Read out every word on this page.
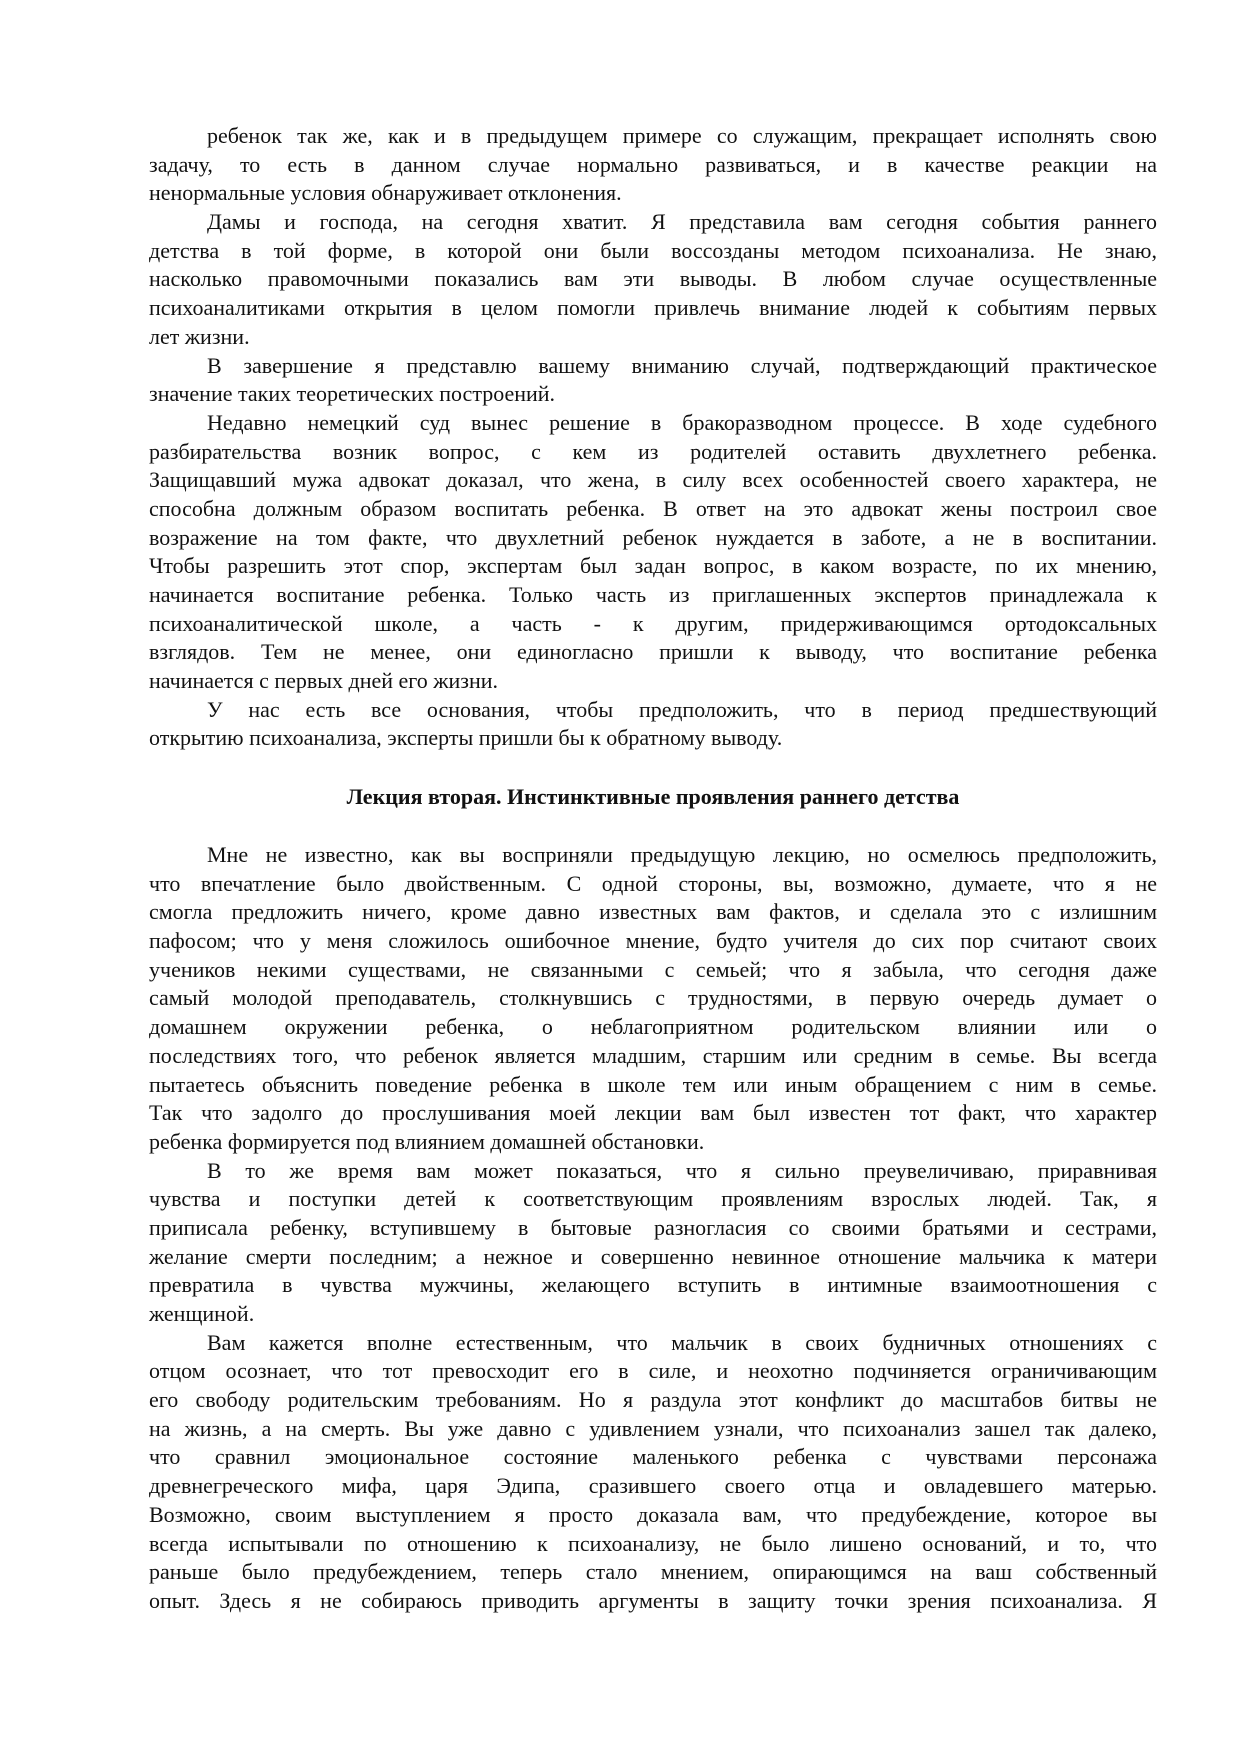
ребенок так же, как и в предыдущем примере со служащим, прекращает исполнять свою
задачу, то есть в данном случае нормально развиваться, и в качестве реакции на
ненормальные условия обнаруживает отклонения.
Дамы и господа, на сегодня хватит. Я представила вам сегодня события раннего
детства в той форме, в которой они были воссозданы методом психоанализа. Не знаю,
насколько правомочными показались вам эти выводы. В любом случае осуществленные
психоаналитиками открытия в целом помогли привлечь внимание людей к событиям первых
лет жизни.
В завершение я представлю вашему вниманию случай, подтверждающий практическое
значение таких теоретических построений.
Недавно немецкий суд вынес решение в бракоразводном процессе. В ходе судебного
разбирательства возник вопрос, с кем из родителей оставить двухлетнего ребенка.
Защищавший мужа адвокат доказал, что жена, в силу всех особенностей своего характера, не
способна должным образом воспитать ребенка. В ответ на это адвокат жены построил свое
возражение на том факте, что двухлетний ребенок нуждается в заботе, а не в воспитании.
Чтобы разрешить этот спор, экспертам был задан вопрос, в каком возрасте, по их мнению,
начинается воспитание ребенка. Только часть из приглашенных экспертов принадлежала к
психоаналитической школе, а часть - к другим, придерживающимся ортодоксальных
взглядов. Тем не менее, они единогласно пришли к выводу, что воспитание ребенка
начинается с первых дней его жизни.
У нас есть все основания, чтобы предположить, что в период предшествующий
открытию психоанализа, эксперты пришли бы к обратному выводу.
Лекция вторая. Инстинктивные проявления раннего детства
Мне не известно, как вы восприняли предыдущую лекцию, но осмелюсь предположить,
что впечатление было двойственным. С одной стороны, вы, возможно, думаете, что я не
смогла предложить ничего, кроме давно известных вам фактов, и сделала это с излишним
пафосом; что у меня сложилось ошибочное мнение, будто учителя до сих пор считают своих
учеников некими существами, не связанными с семьей; что я забыла, что сегодня даже
самый молодой преподаватель, столкнувшись с трудностями, в первую очередь думает о
домашнем окружении ребенка, о неблагоприятном родительском влиянии или о
последствиях того, что ребенок является младшим, старшим или средним в семье. Вы всегда
пытаетесь объяснить поведение ребенка в школе тем или иным обращением с ним в семье.
Так что задолго до прослушивания моей лекции вам был известен тот факт, что характер
ребенка формируется под влиянием домашней обстановки.
В то же время вам может показаться, что я сильно преувеличиваю, приравнивая
чувства и поступки детей к соответствующим проявлениям взрослых людей. Так, я
приписала ребенку, вступившему в бытовые разногласия со своими братьями и сестрами,
желание смерти последним; а нежное и совершенно невинное отношение мальчика к матери
превратила в чувства мужчины, желающего вступить в интимные взаимоотношения с
женщиной.
Вам кажется вполне естественным, что мальчик в своих будничных отношениях с
отцом осознает, что тот превосходит его в силе, и неохотно подчиняется ограничивающим
его свободу родительским требованиям. Но я раздула этот конфликт до масштабов битвы не
на жизнь, а на смерть. Вы уже давно с удивлением узнали, что психоанализ зашел так далеко,
что сравнил эмоциональное состояние маленького ребенка с чувствами персонажа
древнегреческого мифа, царя Эдипа, сразившего своего отца и овладевшего матерью.
Возможно, своим выступлением я просто доказала вам, что предубеждение, которое вы
всегда испытывали по отношению к психоанализу, не было лишено оснований, и то, что
раньше было предубеждением, теперь стало мнением, опирающимся на ваш собственный
опыт. Здесь я не собираюсь приводить аргументы в защиту точки зрения психоанализа. Я
